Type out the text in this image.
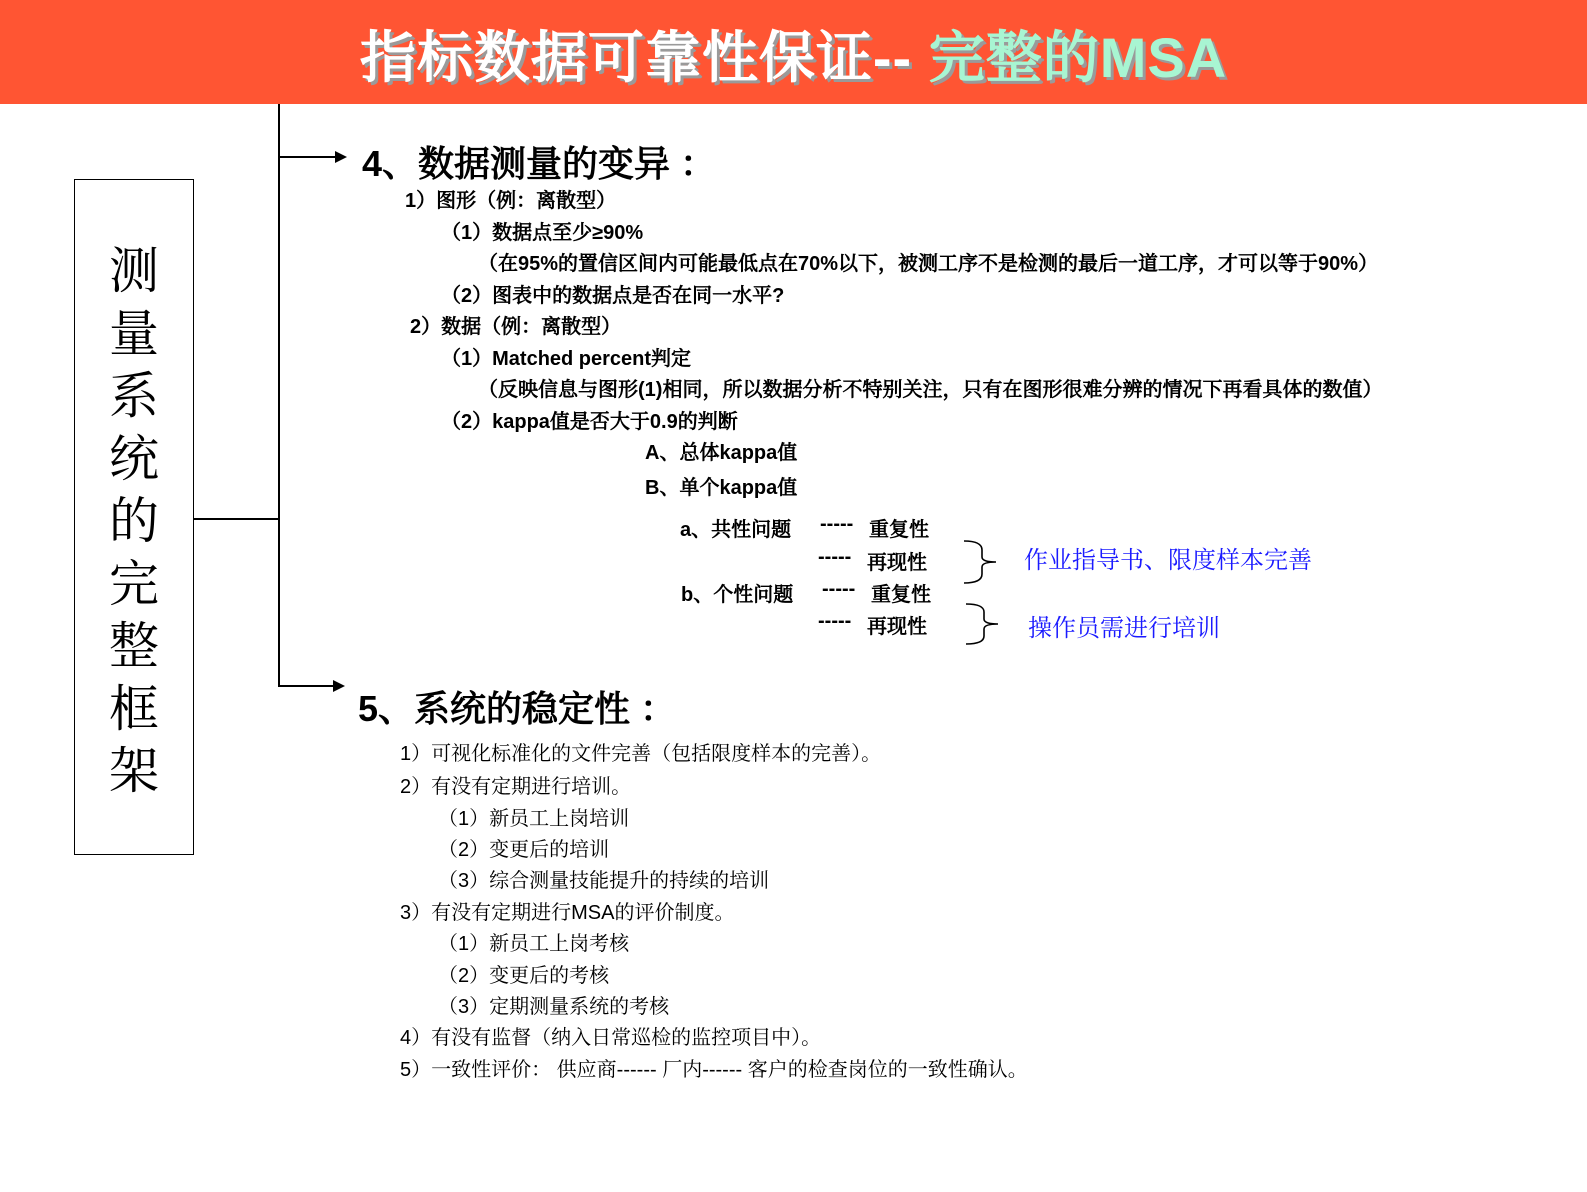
指标数据可靠性保证-- 完整的MSA
测
量
系
统
的
完
整
框
架
4、数据测量的变异 ：
1）图形（例：离散型）
（1）数据点至少≥90%
（在95%的置信区间内可能最低点在70%以下，被测工序不是检测的最后一道工序，才可以等于90%）
（2）图表中的数据点是否在同一水平?
2）数据（例：离散型）
（1）Matched percent判定
（反映信息与图形(1)相同，所以数据分析不特别关注，只有在图形很难分辨的情况下再看具体的数值）
（2）kappa值是否大于0.9的判断
A、总体kappa值
B、单个kappa值
a、共性问题 ----- 重复性
----- 再现性
b、个性问题 ----- 重复性
----- 再现性
作业指导书、限度样本完善
操作员需进行培训
5、系统的稳定性 ：
1）可视化标准化的文件完善（包括限度样本的完善）。
2）有没有定期进行培训。
（1）新员工上岗培训
（2）变更后的培训
（3）综合测量技能提升的持续的培训
3）有没有定期进行MSA的评价制度。
（1）新员工上岗考核
（2）变更后的考核
（3）定期测量系统的考核
4）有没有监督（纳入日常巡检的监控项目中）。
5）一致性评价： 供应商------ 厂内------ 客户的检查岗位的一致性确认。
